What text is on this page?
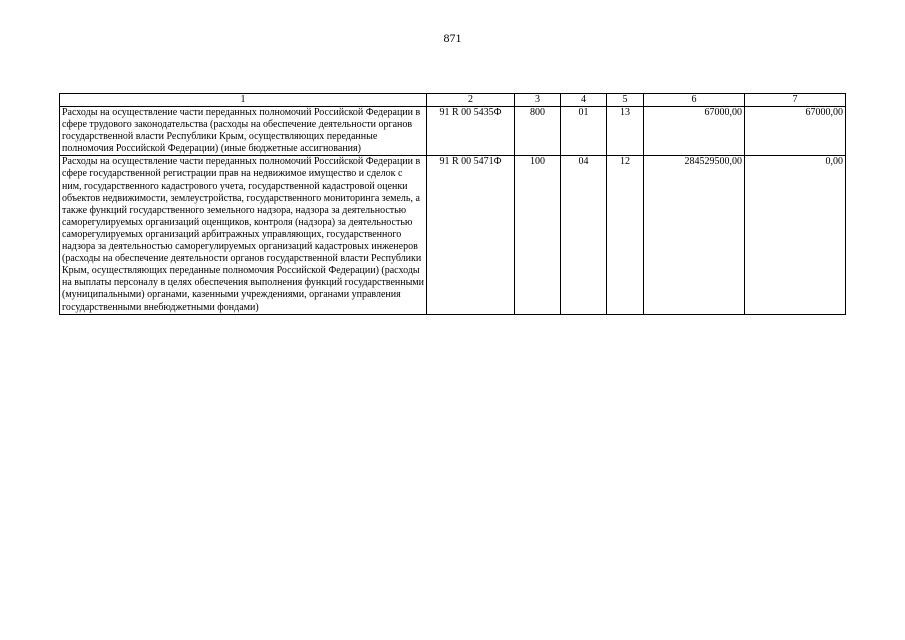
871
1	2	3	4	5	6	7
Расходы на осуществление части переданных полномочий Российской Федерации в сфере трудового законодательства (расходы на обеспечение деятельности органов государственной власти Республики Крым, осуществляющих переданные полномочия Российской Федерации) (иные бюджетные ассигнования)	91 R 00 5435Ф	800	01	13	67000,00	67000,00
Расходы на осуществление части переданных полномочий Российской Федерации в сфере государственной регистрации прав на недвижимое имущество и сделок с ним, государственного кадастрового учета, государственной кадастровой оценки объектов недвижимости, землеустройства, государственного мониторинга земель, а также функций государственного земельного надзора, надзора за деятельностью саморегулируемых организаций оценщиков, контроля (надзора) за деятельностью саморегулируемых организаций арбитражных управляющих, государственного надзора за деятельностью саморегулируемых организаций кадастровых инженеров (расходы на обеспечение деятельности органов государственной власти Республики Крым, осуществляющих переданные полномочия Российской Федерации) (расходы на выплаты персоналу в целях обеспечения выполнения функций государственными (муниципальными) органами, казенными учреждениями, органами управления государственными внебюджетными фондами)	91 R 00 5471Ф	100	04	12	284529500,00	0,00
